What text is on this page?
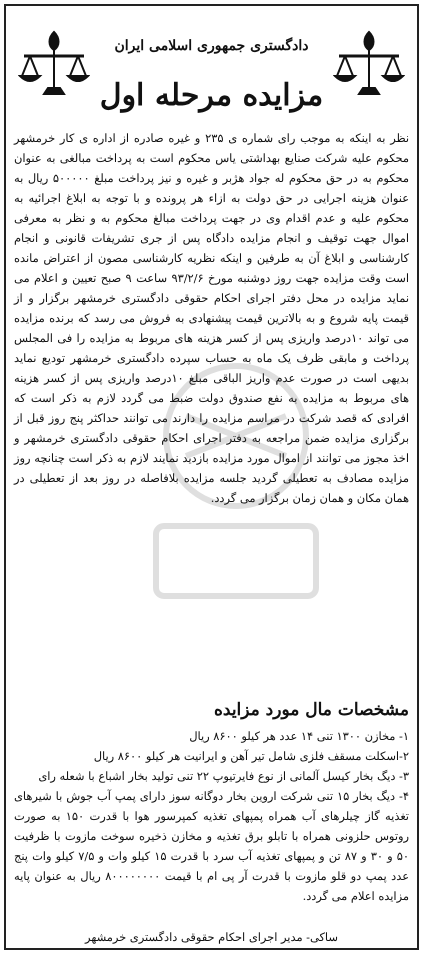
دادگستری جمهوری اسلامی ایران
مزایده مرحله اول
نظر به اینکه به موجب رای شماره ی ۲۳۵ و غیره صادره از اداره ی کار خرمشهر محکوم علیه شرکت صنایع بهداشتی یاس محکوم است به پرداخت مبالغی به عنوان محکوم به در حق محکوم له جواد هژبر و غیره و نیز پرداخت مبلغ ۵۰۰۰۰۰ ریال به عنوان هزینه اجرایی در حق دولت به ازاء هر پرونده و با توجه به ابلاغ اجرائیه به محکوم علیه و عدم اقدام وی در جهت پرداخت مبالغ محکوم به و نظر به معرفی اموال جهت توقیف و انجام مزایده دادگاه پس از جری تشریفات قانونی و انجام کارشناسی و ابلاغ آن به طرفین و اینکه نظریه کارشناسی مصون از اعتراض مانده است وقت مزایده جهت روز دوشنبه مورخ ۹۳/۲/۶ ساعت ۹ صبح تعیین و اعلام می نماید مزایده در محل دفتر اجرای احکام حقوقی دادگستری خرمشهر برگزار و از قیمت پایه شروع و به بالاترین قیمت پیشنهادی به فروش می رسد که برنده مزایده می تواند ۱۰درصد واریزی پس از کسر هزینه های مربوط به مزایده را فی المجلس پرداخت و مابقی ظرف یک ماه به حساب سپرده دادگستری خرمشهر تودیع نماید بدیهی است در صورت عدم واریز الباقی مبلغ ۱۰درصد واریزی پس از کسر هزینه های مربوط به مزایده به نفع صندوق دولت ضبط می گردد لازم به ذکر است که افرادی که قصد شرکت در مراسم مزایده را دارند می توانند حداکثر پنج روز قبل از برگزاری مزایده ضمن مراجعه به دفتر اجرای احکام حقوقی دادگستری خرمشهر و اخذ مجوز می توانند از اموال مورد مزایده بازدید نمایند لازم به ذکر است چنانچه روز مزایده مصادف به تعطیلی گردید جلسه مزایده بلافاصله در روز بعد از تعطیلی در همان مکان و همان زمان برگزار می گردد.
مشخصات مال مورد مزایده
۱- مخازن ۱۳۰۰ تنی ۱۴ عدد هر کیلو ۸۶۰۰ ریال
۲-اسکلت مسقف فلزی شامل تیر آهن و ایرانیت هر کیلو ۸۶۰۰ ریال
۳- دیگ بخار کیسل آلمانی از نوع فایرتیوپ ۲۲ تنی تولید بخار اشباع با شعله رای
۴- دیگ بخار ۱۵ تنی شرکت اروین بخار دوگانه سوز دارای پمپ آب جوش با شیرهای تغذیه گاز چیلرهای آب همراه پمپهای تغذیه کمپرسور هوا با قدرت ۱۵۰ به صورت روتوس حلزونی همراه با تابلو برق تغذیه و مخازن ذخیره سوخت مازوت با ظرفیت ۵۰ و ۳۰ و ۸۷ تن و پمپهای تغذیه آب سرد با قدرت ۱۵ کیلو وات و ۷/۵ کیلو وات پنج عدد پمپ دو قلو مازوت با قدرت آر پی ام با قیمت ۸۰۰۰۰۰۰۰۰ ریال به عنوان پایه مزایده اعلام می گردد.
ساکی- مدیر اجرای احکام حقوقی دادگستری خرمشهر
